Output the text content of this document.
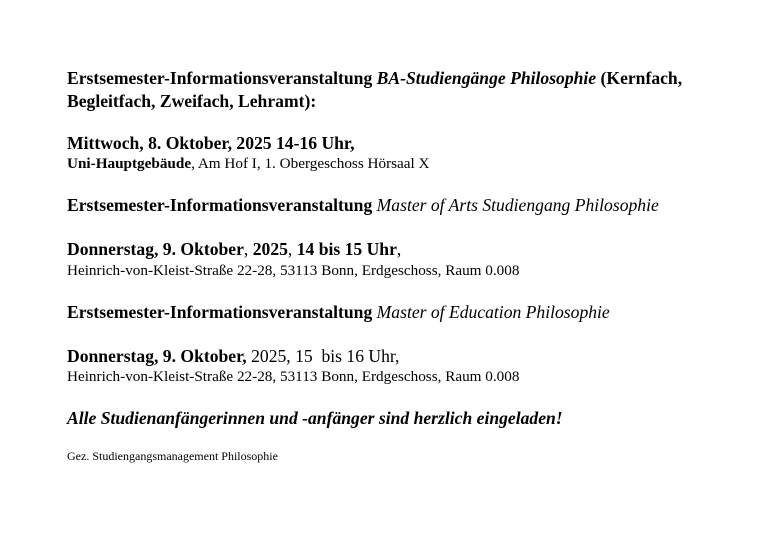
Erstsemester-Informationsveranstaltung BA-Studiengänge Philosophie (Kernfach,
Begleitfach, Zweifach, Lehramt):
Mittwoch, 8. Oktober, 2025 14-16 Uhr,
Uni-Hauptgebäude, Am Hof I, 1. Obergeschoss Hörsaal X
Erstsemester-Informationsveranstaltung Master of Arts Studiengang Philosophie
Donnerstag, 9. Oktober, 2025, 14 bis 15 Uhr,
Heinrich-von-Kleist-Straße 22-28, 53113 Bonn, Erdgeschoss, Raum 0.008
Erstsemester-Informationsveranstaltung Master of Education Philosophie
Donnerstag, 9. Oktober, 2025, 15  bis 16 Uhr,
Heinrich-von-Kleist-Straße 22-28, 53113 Bonn, Erdgeschoss, Raum 0.008
Alle Studienanfängerinnen und -anfänger sind herzlich eingeladen!
Gez. Studiengangsmanagement Philosophie
